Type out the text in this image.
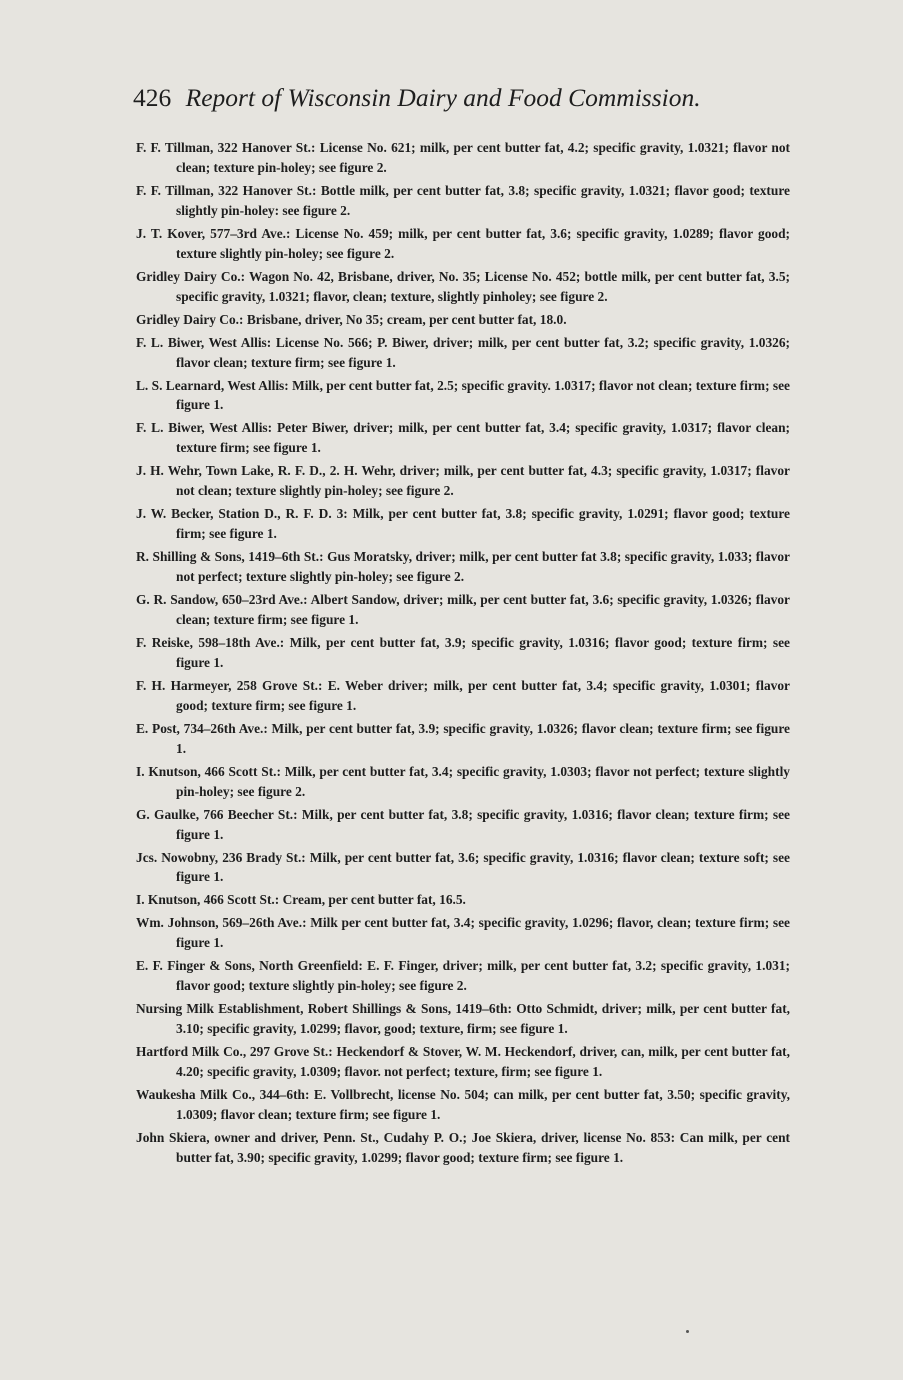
426 Report of Wisconsin Dairy and Food Commission.

F. F. Tillman, 322 Hanover St.: License No. 621; milk, per cent butter fat, 4.2; specific gravity, 1.0321; flavor not clean; texture pin-holey; see figure 2.

F. F. Tillman, 322 Hanover St.: Bottle milk, per cent butter fat, 3.8; specific gravity, 1.0321; flavor good; texture slightly pin-holey: see figure 2.

J. T. Kover, 577–3rd Ave.: License No. 459; milk, per cent butter fat, 3.6; specific gravity, 1.0289; flavor good; texture slightly pin-holey; see figure 2.

Gridley Dairy Co.: Wagon No. 42, Brisbane, driver, No. 35; License No. 452; bottle milk, per cent butter fat, 3.5; specific gravity, 1.0321; flavor, clean; texture, slightly pinholey; see figure 2.

Gridley Dairy Co.: Brisbane, driver, No 35; cream, per cent butter fat, 18.0.

F. L. Biwer, West Allis: License No. 566; P. Biwer, driver; milk, per cent butter fat, 3.2; specific gravity, 1.0326; flavor clean; texture firm; see figure 1.

L. S. Learnard, West Allis: Milk, per cent butter fat, 2.5; specific gravity. 1.0317; flavor not clean; texture firm; see figure 1.

F. L. Biwer, West Allis: Peter Biwer, driver; milk, per cent butter fat, 3.4; specific gravity, 1.0317; flavor clean; texture firm; see figure 1.

J. H. Wehr, Town Lake, R. F. D., 2. H. Wehr, driver; milk, per cent butter fat, 4.3; specific gravity, 1.0317; flavor not clean; texture slightly pin-holey; see figure 2.

J. W. Becker, Station D., R. F. D. 3: Milk, per cent butter fat, 3.8; specific gravity, 1.0291; flavor good; texture firm; see figure 1.

R. Shilling & Sons, 1419–6th St.: Gus Moratsky, driver; milk, per cent butter fat 3.8; specific gravity, 1.033; flavor not perfect; texture slightly pin-holey; see figure 2.

G. R. Sandow, 650–23rd Ave.: Albert Sandow, driver; milk, per cent butter fat, 3.6; specific gravity, 1.0326; flavor clean; texture firm; see figure 1.

F. Reiske, 598–18th Ave.: Milk, per cent butter fat, 3.9; specific gravity, 1.0316; flavor good; texture firm; see figure 1.

F. H. Harmeyer, 258 Grove St.: E. Weber driver; milk, per cent butter fat, 3.4; specific gravity, 1.0301; flavor good; texture firm; see figure 1.

E. Post, 734–26th Ave.: Milk, per cent butter fat, 3.9; specific gravity, 1.0326; flavor clean; texture firm; see figure 1.

I. Knutson, 466 Scott St.: Milk, per cent butter fat, 3.4; specific gravity, 1.0303; flavor not perfect; texture slightly pin-holey; see figure 2.

G. Gaulke, 766 Beecher St.: Milk, per cent butter fat, 3.8; specific gravity, 1.0316; flavor clean; texture firm; see figure 1.

Jcs. Nowobny, 236 Brady St.: Milk, per cent butter fat, 3.6; specific gravity, 1.0316; flavor clean; texture soft; see figure 1.

I. Knutson, 466 Scott St.: Cream, per cent butter fat, 16.5.

Wm. Johnson, 569–26th Ave.: Milk per cent butter fat, 3.4; specific gravity, 1.0296; flavor, clean; texture firm; see figure 1.

E. F. Finger & Sons, North Greenfield: E. F. Finger, driver; milk, per cent butter fat, 3.2; specific gravity, 1.031; flavor good; texture slightly pin-holey; see figure 2.

Nursing Milk Establishment, Robert Shillings & Sons, 1419–6th: Otto Schmidt, driver; milk, per cent butter fat, 3.10; specific gravity, 1.0299; flavor, good; texture, firm; see figure 1.

Hartford Milk Co., 297 Grove St.: Heckendorf & Stover, W. M. Heckendorf, driver, can, milk, per cent butter fat, 4.20; specific gravity, 1.0309; flavor. not perfect; texture, firm; see figure 1.

Waukesha Milk Co., 344–6th: E. Vollbrecht, license No. 504; can milk, per cent butter fat, 3.50; specific gravity, 1.0309; flavor clean; texture firm; see figure 1.

John Skiera, owner and driver, Penn. St., Cudahy P. O.; Joe Skiera, driver, license No. 853: Can milk, per cent butter fat, 3.90; specific gravity, 1.0299; flavor good; texture firm; see figure 1.
